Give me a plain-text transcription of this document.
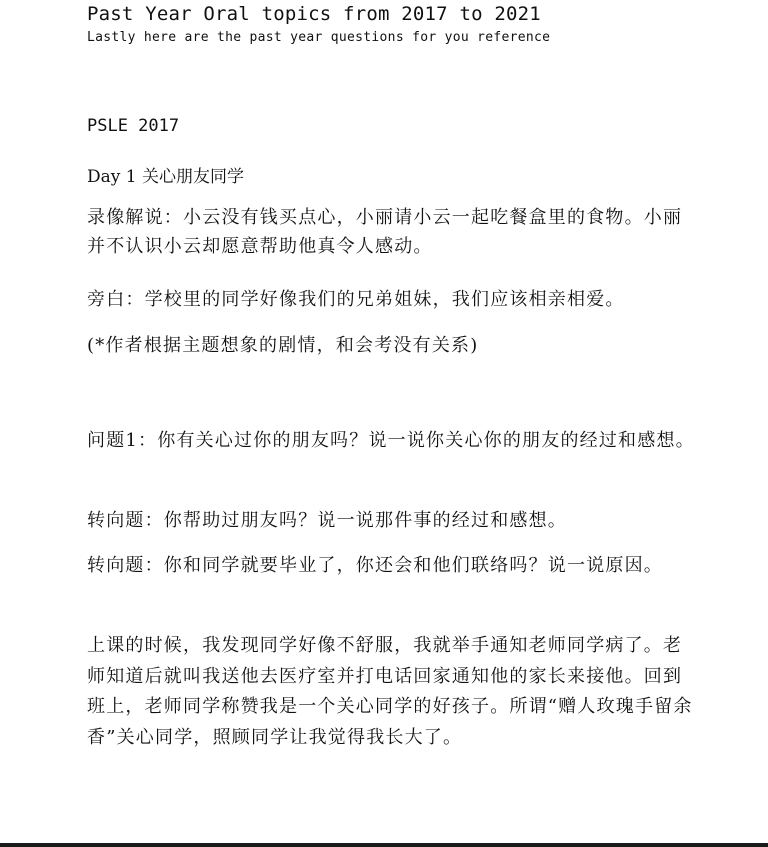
Past Year Oral topics from 2017 to 2021
Lastly here are the past year questions for you reference
PSLE 2017
Day 1 关心朋友同学
录像解说：小云没有钱买点心，小丽请小云一起吃餐盒里的食物。小丽并不认识小云却愿意帮助他真令人感动。
旁白：学校里的同学好像我们的兄弟姐妹，我们应该相亲相爱。
(*作者根据主题想象的剧情，和会考没有关系)
问题1：你有关心过你的朋友吗？说一说你关心你的朋友的经过和感想。
转向题：你帮助过朋友吗？说一说那件事的经过和感想。
转向题：你和同学就要毕业了，你还会和他们联络吗？说一说原因。
上课的时候，我发现同学好像不舒服，我就举手通知老师同学病了。老师知道后就叫我送他去医疗室并打电话回家通知他的家长来接他。回到班上，老师同学称赞我是一个关心同学的好孩子。所谓“赠人玫瑰手留余香”关心同学，照顾同学让我觉得我长大了。
